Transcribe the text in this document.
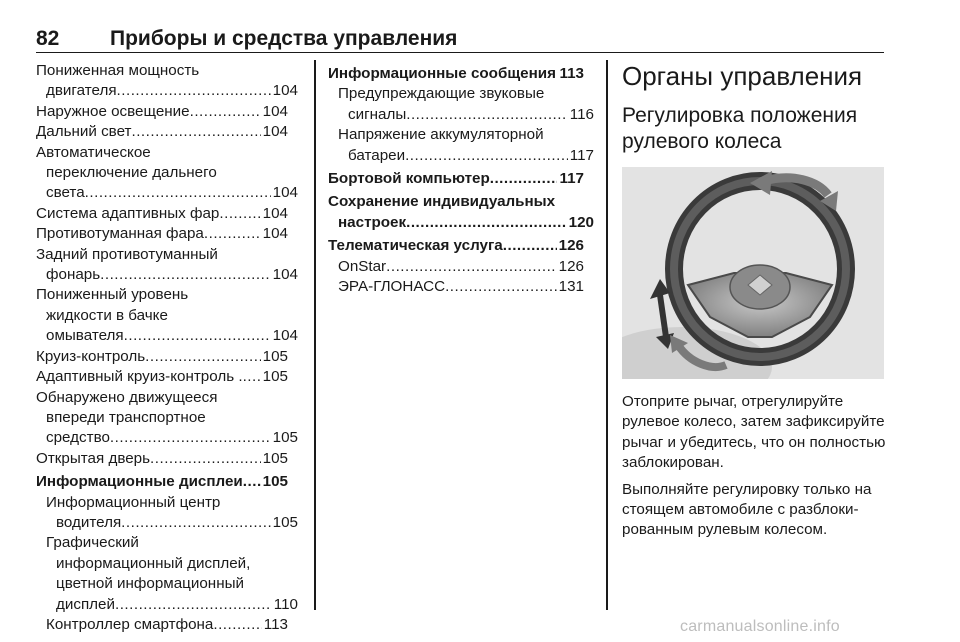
82 Приборы и средства управления
Пониженная мощность

двигателя .....	104
Наружное освещение .....	104
Дальний свет .....	104
Автоматическое
переключение дальнего

света .....	104
Система адаптивных фар .....	104
Противотуманная фара .....	104
Задний противотуманный

фонарь .....	104
Пониженный уровень
жидкости в бачке

омывателя .....	104
Круиз-контроль .....	105
Адаптивный круиз-контроль . ..... 105
Обнаружено движущееся
впереди транспортное

средство .....	105
Открытая дверь .....	105
Информационные дисплеи ..... 105
Информационный центр

водителя .....	105
Графический
информационный дисплей,
цветной информационный

дисплей .....	110
Контроллер смартфона .....	113
Информационные сообщения 113
Предупреждающие звуковые

сигналы .....	116
Напряжение аккумуляторной

батареи .....	117
Бортовой компьютер .....	117
Сохранение индивидуальных

настроек .....	120
Телематическая услуга .....	126
OnStar .....	126
ЭРА-ГЛОНАСС .....	131
Органы управления
Регулировка положения рулевого колеса
Отоприте рычаг, отрегулируйте рулевое колесо, затем зафиксируйте рычаг и убедитесь, что он полностью заблокирован.
Выполняйте регулировку только на стоящем автомобиле с разблокированным рулевым колесом.
carmanualsonline.info
